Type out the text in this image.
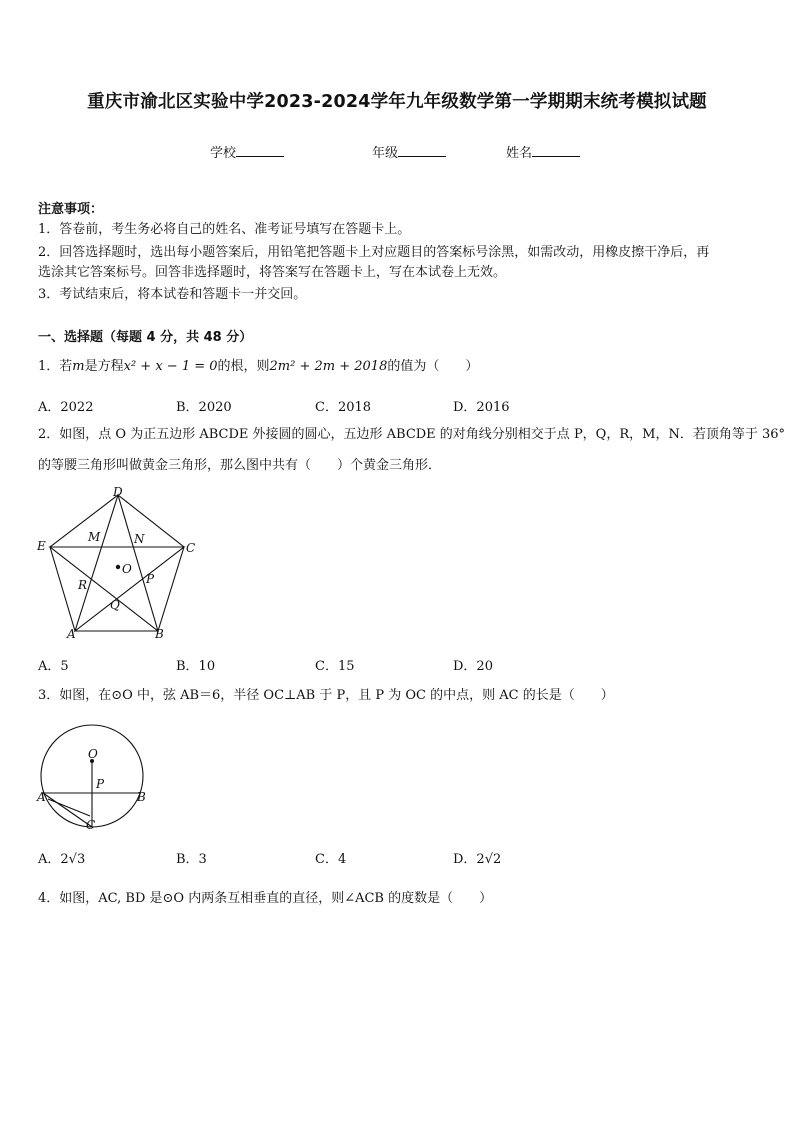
重庆市渝北区实验中学2023-2024学年九年级数学第一学期期末统考模拟试题
学校	年级	姓名
注意事项：
1．答卷前，考生务必将自己的姓名、准考证号填写在答题卡上。
2．回答选择题时，选出每小题答案后，用铅笔把答题卡上对应题目的答案标号涂黑，如需改动，用橡皮擦干净后，再
选涂其它答案标号。回答非选择题时，将答案写在答题卡上，写在本试卷上无效。
3．考试结束后，将本试卷和答题卡一并交回。
一、选择题（每题 4 分，共 48 分）
1．若m是方程x² + x − 1 = 0的根，则2m² + 2m + 2018的值为（　　）
A．2022	B．2020	C．2018	D．2016
2．如图，点 O 为正五边形 ABCDE 外接圆的圆心，五边形 ABCDE 的对角线分别相交于点 P，Q，R，M，N．若顶角等于 36°
的等腰三角形叫做黄金三角形，那么图中共有（　　）个黄金三角形．
D
E	C
M	N
O
R	P
Q
A	B
A．5	B．10	C．15	D．20
3．如图，在⊙O 中，弦 AB＝6，半径 OC⊥AB 于 P，且 P 为 OC 的中点，则 AC 的长是（　　）
O
P
A	B
C
A．2√3	B．3	C．4	D．2√2
4．如图，AC, BD 是⊙O 内两条互相垂直的直径，则∠ACB 的度数是（　　）
